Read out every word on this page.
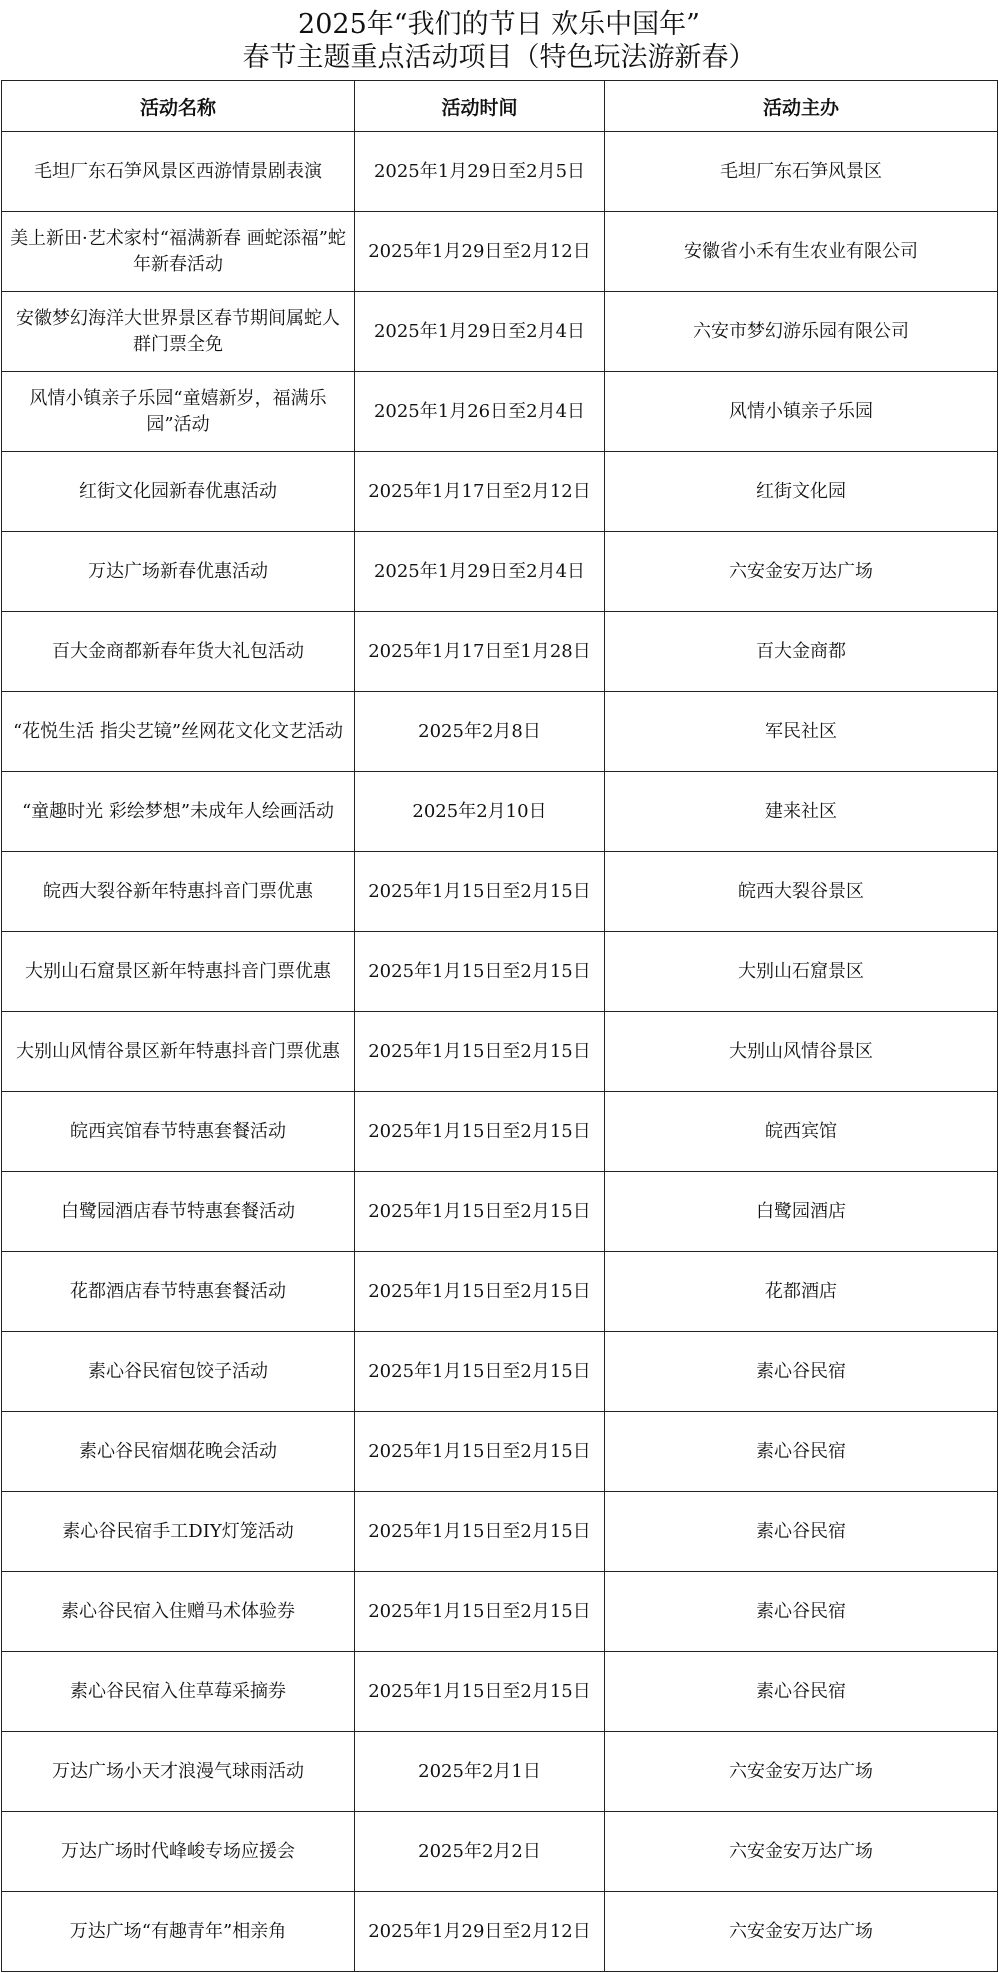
2025年“我们的节日 欢乐中国年”
春节主题重点活动项目（特色玩法游新春）
活动名称	活动时间	活动主办
毛坦厂东石笋风景区西游情景剧表演	2025年1月29日至2月5日	毛坦厂东石笋风景区
美上新田·艺术家村“福满新春 画蛇添福”蛇年新春活动	2025年1月29日至2月12日	安徽省小禾有生农业有限公司
安徽梦幻海洋大世界景区春节期间属蛇人群门票全免	2025年1月29日至2月4日	六安市梦幻游乐园有限公司
风情小镇亲子乐园“童嬉新岁，福满乐园”活动	2025年1月26日至2月4日	风情小镇亲子乐园
红街文化园新春优惠活动	2025年1月17日至2月12日	红街文化园
万达广场新春优惠活动	2025年1月29日至2月4日	六安金安万达广场
百大金商都新春年货大礼包活动	2025年1月17日至1月28日	百大金商都
“花悦生活 指尖艺镜”丝网花文化文艺活动	2025年2月8日	军民社区
“童趣时光 彩绘梦想”未成年人绘画活动	2025年2月10日	建来社区
皖西大裂谷新年特惠抖音门票优惠	2025年1月15日至2月15日	皖西大裂谷景区
大别山石窟景区新年特惠抖音门票优惠	2025年1月15日至2月15日	大别山石窟景区
大别山风情谷景区新年特惠抖音门票优惠	2025年1月15日至2月15日	大别山风情谷景区
皖西宾馆春节特惠套餐活动	2025年1月15日至2月15日	皖西宾馆
白鹭园酒店春节特惠套餐活动	2025年1月15日至2月15日	白鹭园酒店
花都酒店春节特惠套餐活动	2025年1月15日至2月15日	花都酒店
素心谷民宿包饺子活动	2025年1月15日至2月15日	素心谷民宿
素心谷民宿烟花晚会活动	2025年1月15日至2月15日	素心谷民宿
素心谷民宿手工DIY灯笼活动	2025年1月15日至2月15日	素心谷民宿
素心谷民宿入住赠马术体验券	2025年1月15日至2月15日	素心谷民宿
素心谷民宿入住草莓采摘券	2025年1月15日至2月15日	素心谷民宿
万达广场小天才浪漫气球雨活动	2025年2月1日	六安金安万达广场
万达广场时代峰峻专场应援会	2025年2月2日	六安金安万达广场
万达广场“有趣青年”相亲角	2025年1月29日至2月12日	六安金安万达广场
